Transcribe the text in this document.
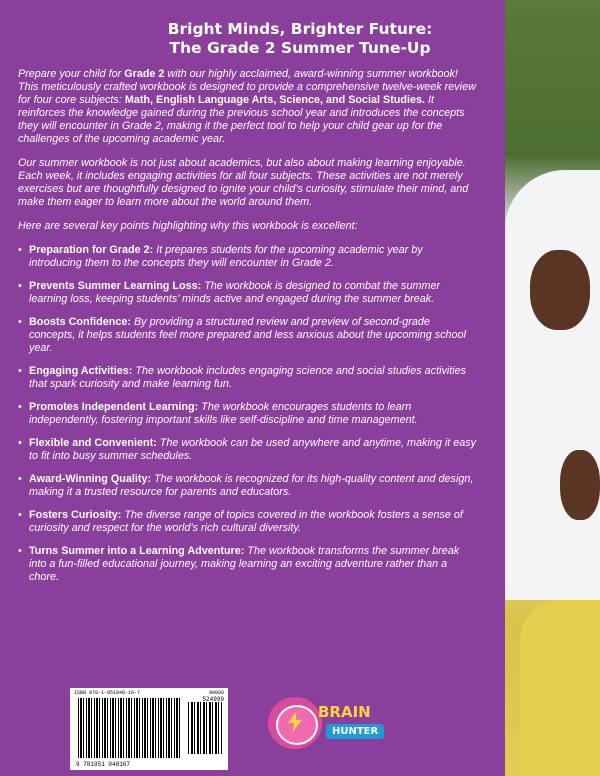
Bright Minds, Brighter Future:
The Grade 2 Summer Tune-Up

Prepare your child for Grade 2 with our highly acclaimed, award-winning summer workbook! This meticulously crafted workbook is designed to provide a comprehensive twelve-week review for four core subjects: Math, English Language Arts, Science, and Social Studies. It reinforces the knowledge gained during the previous school year and introduces the concepts they will encounter in Grade 2, making it the perfect tool to help your child gear up for the challenges of the upcoming academic year.

Our summer workbook is not just about academics, but also about making learning enjoyable. Each week, it includes engaging activities for all four subjects. These activities are not merely exercises but are thoughtfully designed to ignite your child’s curiosity, stimulate their mind, and make them eager to learn more about the world around them.

Here are several key points highlighting why this workbook is excellent:

• Preparation for Grade 2: It prepares students for the upcoming academic year by introducing them to the concepts they will encounter in Grade 2.
• Prevents Summer Learning Loss: The workbook is designed to combat the summer learning loss, keeping students’ minds active and engaged during the summer break.
• Boosts Confidence: By providing a structured review and preview of second-grade concepts, it helps students feel more prepared and less anxious about the upcoming school year.
• Engaging Activities: The workbook includes engaging science and social studies activities that spark curiosity and make learning fun.
• Promotes Independent Learning: The workbook encourages students to learn independently, fostering important skills like self-discipline and time management.
• Flexible and Convenient: The workbook can be used anywhere and anytime, making it easy to fit into busy summer schedules.
• Award-Winning Quality: The workbook is recognized for its high-quality content and design, making it a trusted resource for parents and educators.
• Fosters Curiosity: The diverse range of topics covered in the workbook fosters a sense of curiosity and respect for the world’s rich cultural diversity.
• Turns Summer into a Learning Adventure: The workbook transforms the summer break into a fun-filled educational journey, making learning an exciting adventure rather than a chore.
ISBN 978-1-951048-16-7	90000
524999
9 781951 048167
BRAIN
HUNTER
